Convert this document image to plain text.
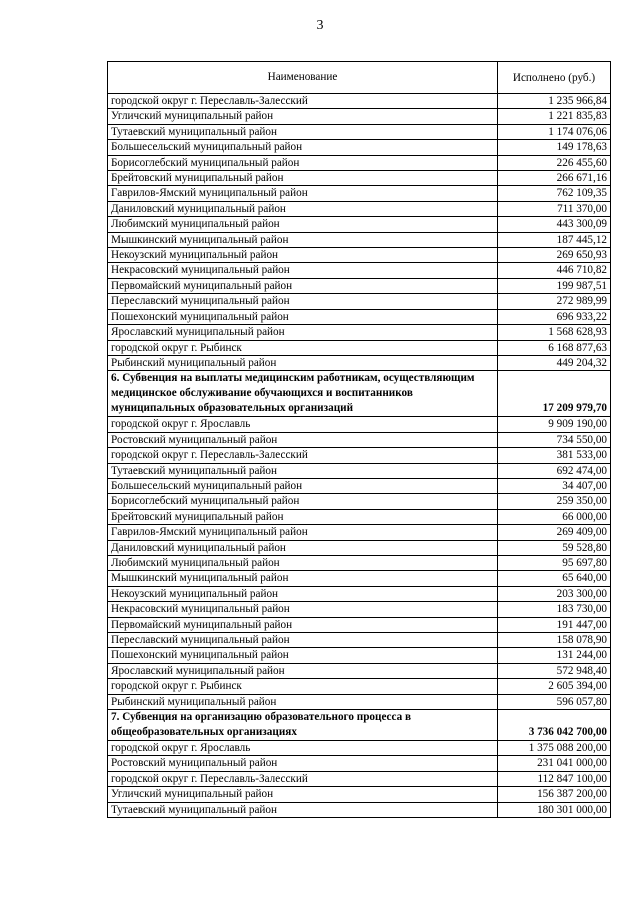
3
Наименование	Исполнено (руб.)
городской округ г. Переславль-Залесский	1 235 966,84
Угличский муниципальный район	1 221 835,83
Тутаевский муниципальный район	1 174 076,06
Большесельский муниципальный район	149 178,63
Борисоглебский муниципальный район	226 455,60
Брейтовский муниципальный район	266 671,16
Гаврилов-Ямский муниципальный район	762 109,35
Даниловский муниципальный район	711 370,00
Любимский муниципальный район	443 300,09
Мышкинский муниципальный район	187 445,12
Некоузский муниципальный район	269 650,93
Некрасовский муниципальный район	446 710,82
Первомайский муниципальный район	199 987,51
Переславский муниципальный район	272 989,99
Пошехонский муниципальный район	696 933,22
Ярославский муниципальный район	1 568 628,93
городской округ г. Рыбинск	6 168 877,63
Рыбинский муниципальный район	449 204,32
6. Субвенция на выплаты медицинским работникам, осуществляющим медицинское обслуживание обучающихся и воспитанников муниципальных образовательных организаций	17 209 979,70
городской округ г. Ярославль	9 909 190,00
Ростовский муниципальный район	734 550,00
городской округ г. Переславль-Залесский	381 533,00
Тутаевский муниципальный район	692 474,00
Большесельский муниципальный район	34 407,00
Борисоглебский муниципальный район	259 350,00
Брейтовский муниципальный район	66 000,00
Гаврилов-Ямский муниципальный район	269 409,00
Даниловский муниципальный район	59 528,80
Любимский муниципальный район	95 697,80
Мышкинский муниципальный район	65 640,00
Некоузский муниципальный район	203 300,00
Некрасовский муниципальный район	183 730,00
Первомайский муниципальный район	191 447,00
Переславский муниципальный район	158 078,90
Пошехонский муниципальный район	131 244,00
Ярославский муниципальный район	572 948,40
городской округ г. Рыбинск	2 605 394,00
Рыбинский муниципальный район	596 057,80
7. Субвенция на организацию образовательного процесса в общеобразовательных организациях	3 736 042 700,00
городской округ г. Ярославль	1 375 088 200,00
Ростовский муниципальный район	231 041 000,00
городской округ г. Переславль-Залесский	112 847 100,00
Угличский муниципальный район	156 387 200,00
Тутаевский муниципальный район	180 301 000,00
